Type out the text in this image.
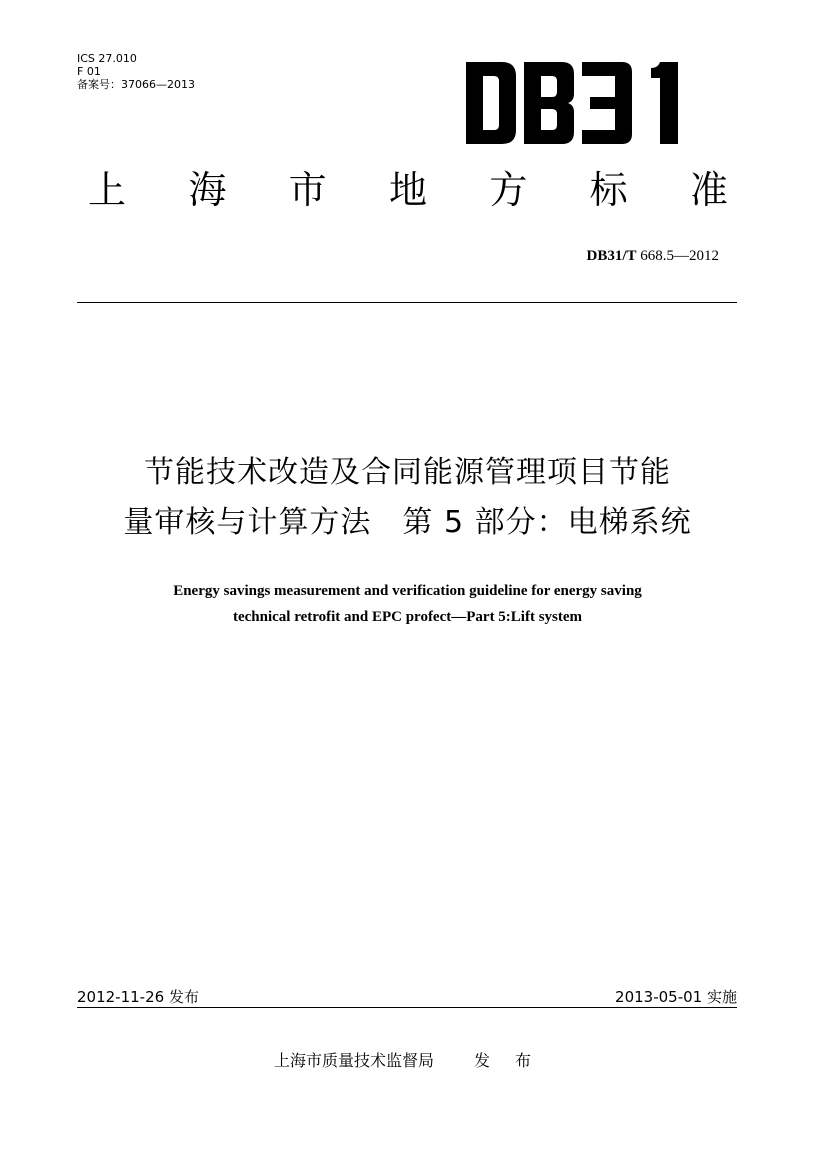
ICS 27.010
F 01
备案号：37066—2013
上 海 市 地 方 标 准
DB31/T 668.5—2012
节能技术改造及合同能源管理项目节能
量审核与计算方法　第 5 部分：电梯系统
Energy savings measurement and verification guideline for energy saving
technical retrofit and EPC profect—Part 5:Lift system
2012-11-26 发布	2013-05-01 实施
上海市质量技术监督局	发 布
